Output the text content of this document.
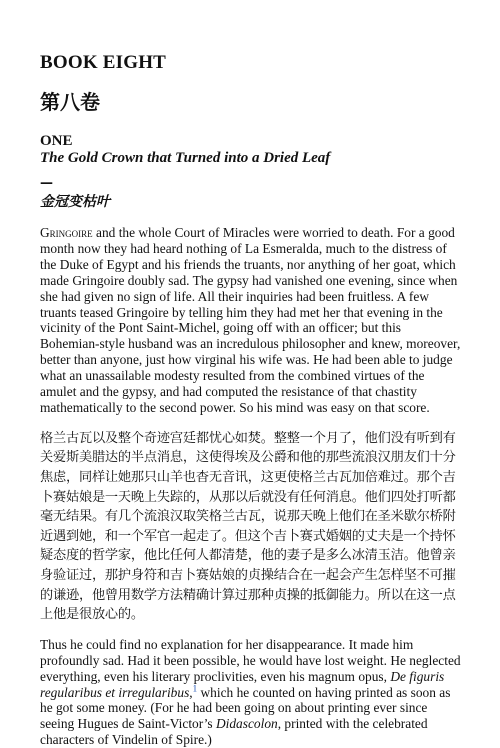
BOOK EIGHT
第八卷

ONE

The Gold Crown that Turned into a Dried Leaf

—

金冠变枯叶

Gringoire and the whole Court of Miracles were worried to death. For a good month now they had heard nothing of La Esmeralda, much to the distress of the Duke of Egypt and his friends the truants, nor anything of her goat, which made Gringoire doubly sad. The gypsy had vanished one evening, since when she had given no sign of life. All their inquiries had been fruitless. A few truants teased Gringoire by telling him they had met her that evening in the vicinity of the Pont Saint-Michel, going off with an officer; but this Bohemian-style husband was an incredulous philosopher and knew, moreover, better than anyone, just how virginal his wife was. He had been able to judge what an unassailable modesty resulted from the combined virtues of the amulet and the gypsy, and had computed the resistance of that chastity mathematically to the second power. So his mind was easy on that score.

格兰古瓦以及整个奇迹宫廷都忧心如焚。整整一个月了，他们没有听到有关爱斯美腊达的半点消息，这使得埃及公爵和他的那些流浪汉朋友们十分焦虑，同样让她那只山羊也杳无音讯，这更使格兰古瓦加倍难过。那个吉卜赛姑娘是一天晚上失踪的，从那以后就没有任何消息。他们四处打听都毫无结果。有几个流浪汉取笑格兰古瓦，说那天晚上他们在圣米歇尔桥附近遇到她，和一个军官一起走了。但这个吉卜赛式婚姻的丈夫是一个持怀疑态度的哲学家，他比任何人都清楚，他的妻子是多么冰清玉洁。他曾亲身验证过，那护身符和吉卜赛姑娘的贞操结合在一起会产生怎样坚不可摧的谦逊，他曾用数学方法精确计算过那种贞操的抵御能力。所以在这一点上他是很放心的。

Thus he could find no explanation for her disappearance. It made him profoundly sad. Had it been possible, he would have lost weight. He neglected everything, even his literary proclivities, even his magnum opus, De figuris regularibus et irregularibus,$^1$ which he counted on having printed as soon as he got some money. (For he had been going on about printing ever since seeing Hugues de Saint-Victor’s Didascolon, printed with the celebrated characters of Vindelin of Spire.)
